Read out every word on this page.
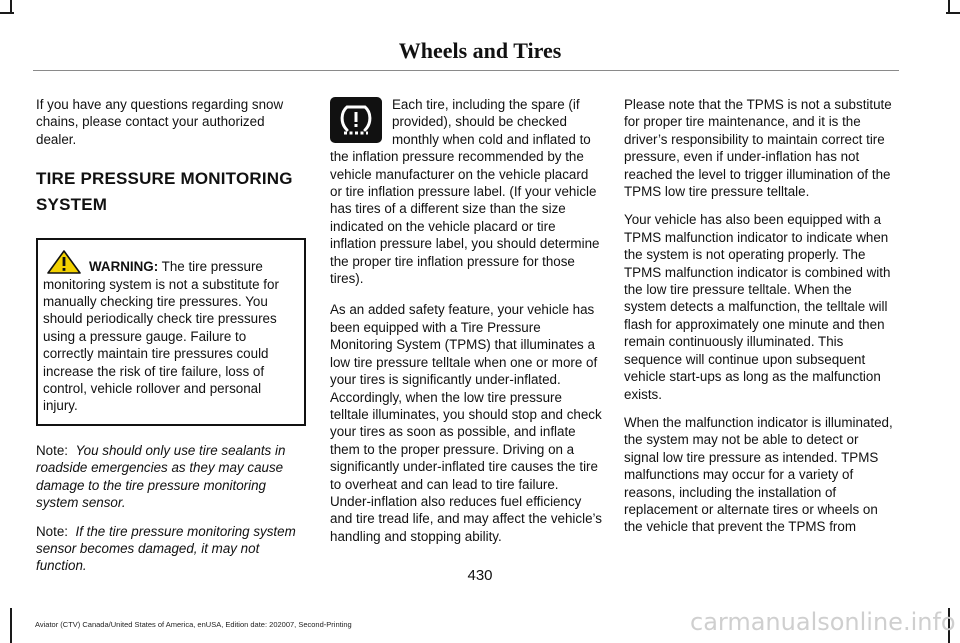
Wheels and Tires

If you have any questions regarding snow chains, please contact your authorized dealer.

TIRE PRESSURE MONITORING
SYSTEM
WARNING: The tire pressure monitoring system is not a substitute for manually checking tire pressures. You should periodically check tire pressures using a pressure gauge. Failure to correctly maintain tire pressures could increase the risk of tire failure, loss of control, vehicle rollover and personal injury.

Note: You should only use tire sealants in roadside emergencies as they may cause damage to the tire pressure monitoring system sensor.

Note: If the tire pressure monitoring system sensor becomes damaged, it may not function.

Each tire, including the spare (if provided), should be checked monthly when cold and inflated to the inflation pressure recommended by the vehicle manufacturer on the vehicle placard or tire inflation pressure label. (If your vehicle has tires of a different size than the size indicated on the vehicle placard or tire inflation pressure label, you should determine the proper tire inflation pressure for those tires).

As an added safety feature, your vehicle has been equipped with a Tire Pressure Monitoring System (TPMS) that illuminates a low tire pressure telltale when one or more of your tires is significantly under-inflated. Accordingly, when the low tire pressure telltale illuminates, you should stop and check your tires as soon as possible, and inflate them to the proper pressure. Driving on a significantly under-inflated tire causes the tire to overheat and can lead to tire failure. Under-inflation also reduces fuel efficiency and tire tread life, and may affect the vehicle’s handling and stopping ability.

Please note that the TPMS is not a substitute for proper tire maintenance, and it is the driver’s responsibility to maintain correct tire pressure, even if under-inflation has not reached the level to trigger illumination of the TPMS low tire pressure telltale.

Your vehicle has also been equipped with a TPMS malfunction indicator to indicate when the system is not operating properly. The TPMS malfunction indicator is combined with the low tire pressure telltale. When the system detects a malfunction, the telltale will flash for approximately one minute and then remain continuously illuminated. This sequence will continue upon subsequent vehicle start-ups as long as the malfunction exists.

When the malfunction indicator is illuminated, the system may not be able to detect or signal low tire pressure as intended. TPMS malfunctions may occur for a variety of reasons, including the installation of replacement or alternate tires or wheels on the vehicle that prevent the TPMS from

430
Aviator (CTV) Canada/United States of America, enUSA, Edition date: 202007, Second-Printing	carmanualsonline.info
